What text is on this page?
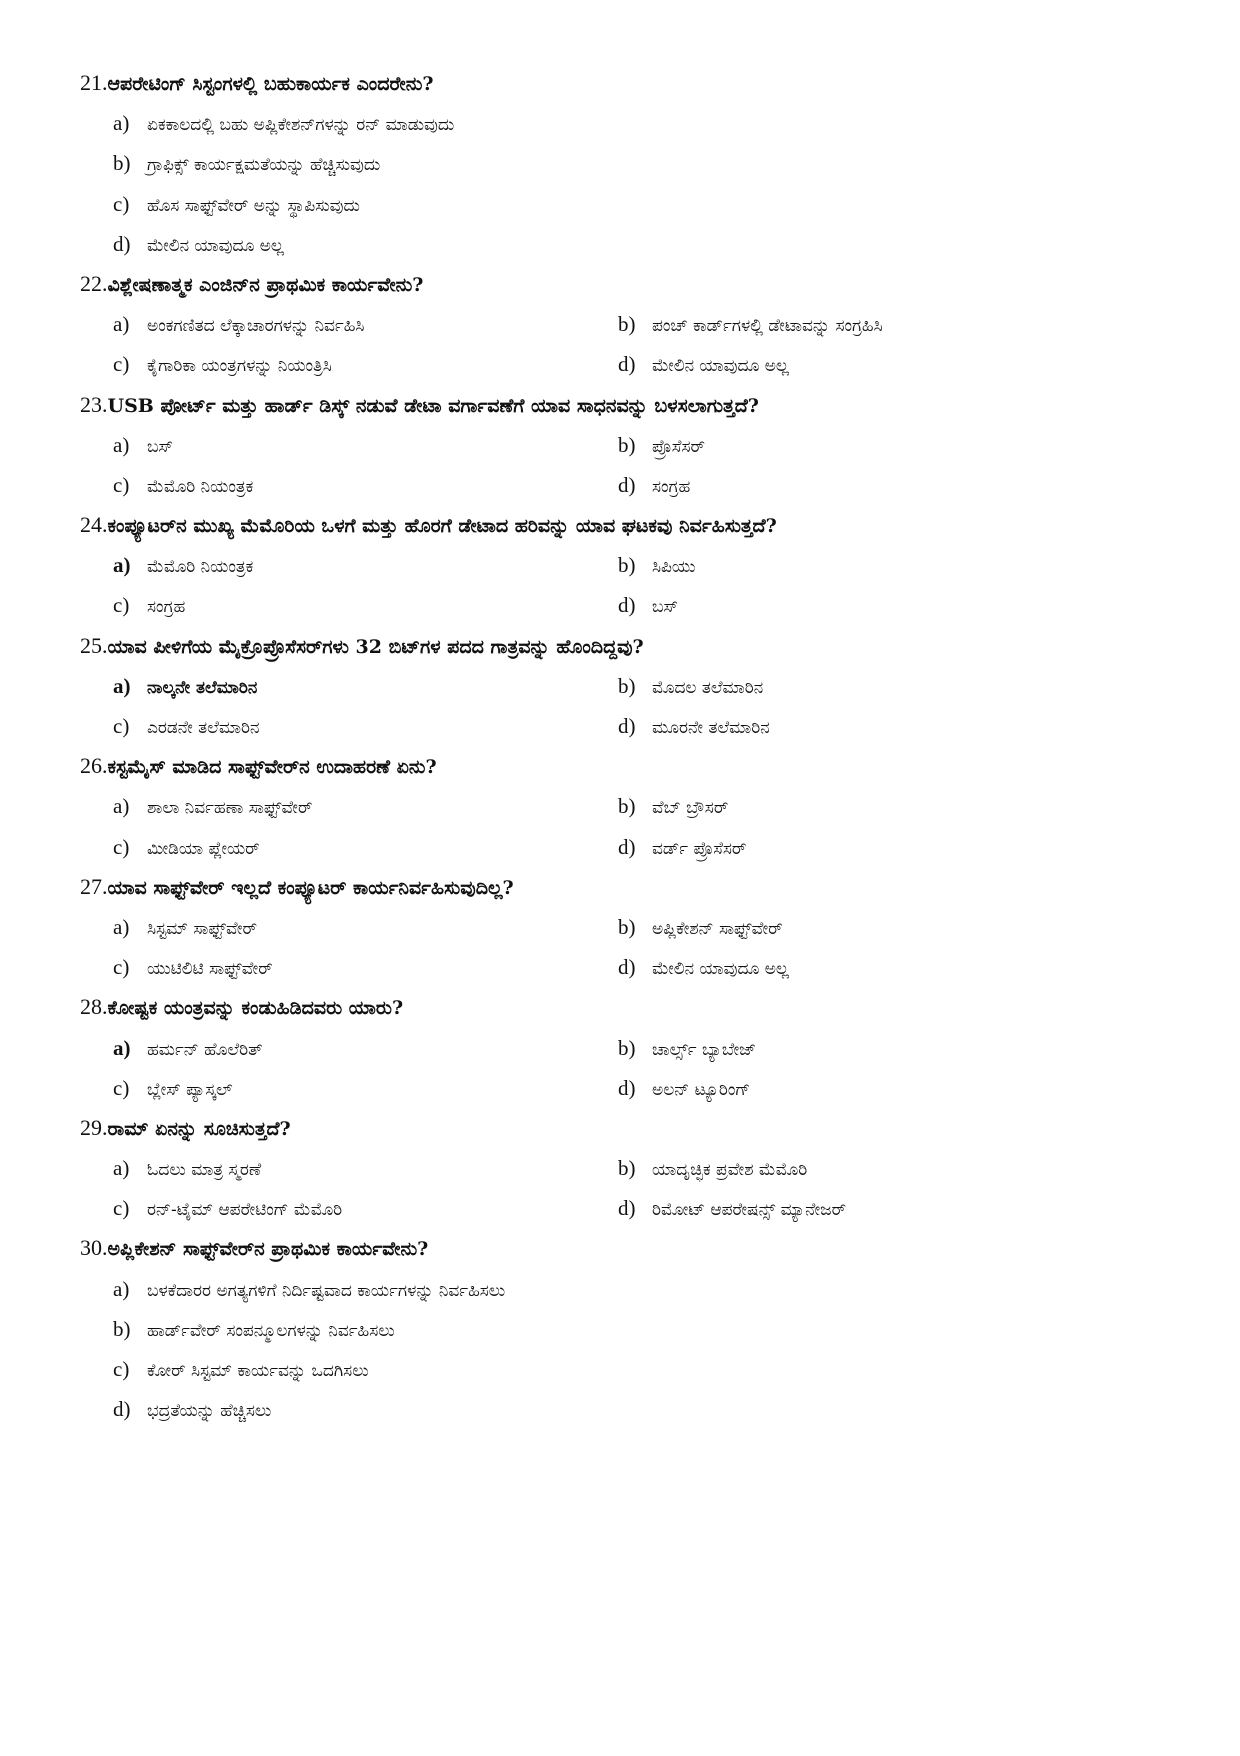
21.ಆಪರೇಟಿಂಗ್ ಸಿಸ್ಟಂಗಳಲ್ಲಿ ಬಹುಕಾರ್ಯಕ ಎಂದರೇನು?
a) ಏಕಕಾಲದಲ್ಲಿ ಬಹು ಅಪ್ಲಿಕೇಶನ್‌ಗಳನ್ನು ರನ್ ಮಾಡುವುದು
b) ಗ್ರಾಫಿಕ್ಸ್ ಕಾರ್ಯಕ್ಷಮತೆಯನ್ನು ಹೆಚ್ಚಿಸುವುದು
c) ಹೊಸ ಸಾಫ್ಟ್‌ವೇರ್ ಅನ್ನು ಸ್ಥಾಪಿಸುವುದು
d) ಮೇಲಿನ ಯಾವುದೂ ಅಲ್ಲ
22.ವಿಶ್ಲೇಷಣಾತ್ಮಕ ಎಂಜಿನ್‌ನ ಪ್ರಾಥಮಿಕ ಕಾರ್ಯವೇನು?
a) ಅಂಕಗಣಿತದ ಲೆಕ್ಕಾಚಾರಗಳನ್ನು ನಿರ್ವಹಿಸಿ	b) ಪಂಚ್ ಕಾರ್ಡ್‌ಗಳಲ್ಲಿ ಡೇಟಾವನ್ನು ಸಂಗ್ರಹಿಸಿ
c) ಕೈಗಾರಿಕಾ ಯಂತ್ರಗಳನ್ನು ನಿಯಂತ್ರಿಸಿ	d) ಮೇಲಿನ ಯಾವುದೂ ಅಲ್ಲ
23.USB ಪೋರ್ಟ್ ಮತ್ತು ಹಾರ್ಡ್ ಡಿಸ್ಕ್ ನಡುವೆ ಡೇಟಾ ವರ್ಗಾವಣೆಗೆ ಯಾವ ಸಾಧನವನ್ನು ಬಳಸಲಾಗುತ್ತದೆ?
a) ಬಸ್	b) ಪ್ರೊಸೆಸರ್
c) ಮೆಮೊರಿ ನಿಯಂತ್ರಕ	d) ಸಂಗ್ರಹ
24.ಕಂಪ್ಯೂಟರ್‌ನ ಮುಖ್ಯ ಮೆಮೊರಿಯ ಒಳಗೆ ಮತ್ತು ಹೊರಗೆ ಡೇಟಾದ ಹರಿವನ್ನು ಯಾವ ಘಟಕವು ನಿರ್ವಹಿಸುತ್ತದೆ?
a) ಮೆಮೊರಿ ನಿಯಂತ್ರಕ	b) ಸಿಪಿಯು
c) ಸಂಗ್ರಹ	d) ಬಸ್
25.ಯಾವ ಪೀಳಿಗೆಯ ಮೈಕ್ರೊಪ್ರೊಸೆಸರ್‌ಗಳು 32 ಬಿಟ್‌ಗಳ ಪದದ ಗಾತ್ರವನ್ನು ಹೊಂದಿದ್ದವು?
a) ನಾಲ್ಕನೇ ತಲೆಮಾರಿನ	b) ಮೊದಲ ತಲೆಮಾರಿನ
c) ಎರಡನೇ ತಲೆಮಾರಿನ	d) ಮೂರನೇ ತಲೆಮಾರಿನ
26.ಕಸ್ಟಮೈಸ್ ಮಾಡಿದ ಸಾಫ್ಟ್‌ವೇರ್‌ನ ಉದಾಹರಣೆ ಏನು?
a) ಶಾಲಾ ನಿರ್ವಹಣಾ ಸಾಫ್ಟ್‌ವೇರ್	b) ವೆಬ್ ಬ್ರೌಸರ್
c) ಮೀಡಿಯಾ ಪ್ಲೇಯರ್	d) ವರ್ಡ್ ಪ್ರೊಸೆಸರ್
27.ಯಾವ ಸಾಫ್ಟ್‌ವೇರ್ ಇಲ್ಲದೆ ಕಂಪ್ಯೂಟರ್ ಕಾರ್ಯನಿರ್ವಹಿಸುವುದಿಲ್ಲ?
a) ಸಿಸ್ಟಮ್ ಸಾಫ್ಟ್‌ವೇರ್	b) ಅಪ್ಲಿಕೇಶನ್ ಸಾಫ್ಟ್‌ವೇರ್
c) ಯುಟಿಲಿಟಿ ಸಾಫ್ಟ್‌ವೇರ್	d) ಮೇಲಿನ ಯಾವುದೂ ಅಲ್ಲ
28.ಕೋಷ್ಟಕ ಯಂತ್ರವನ್ನು ಕಂಡುಹಿಡಿದವರು ಯಾರು?
a) ಹರ್ಮನ್ ಹೊಲೆರಿತ್	b) ಚಾರ್ಲ್ಸ್ ಬ್ಯಾಬೇಜ್
c) ಬ್ಲೇಸ್ ಪ್ಯಾಸ್ಕಲ್	d) ಅಲನ್ ಟ್ಯೂರಿಂಗ್
29.ರಾಮ್ ಏನನ್ನು ಸೂಚಿಸುತ್ತದೆ?
a) ಓದಲು ಮಾತ್ರ ಸ್ಮರಣೆ	b) ಯಾದೃಚ್ಛಿಕ ಪ್ರವೇಶ ಮೆಮೊರಿ
c) ರನ್-ಟೈಮ್ ಆಪರೇಟಿಂಗ್ ಮೆಮೊರಿ	d) ರಿಮೋಟ್ ಆಪರೇಷನ್ಸ್ ಮ್ಯಾನೇಜರ್
30.ಅಪ್ಲಿಕೇಶನ್ ಸಾಫ್ಟ್‌ವೇರ್‌ನ ಪ್ರಾಥಮಿಕ ಕಾರ್ಯವೇನು?
a) ಬಳಕೆದಾರರ ಅಗತ್ಯಗಳಿಗೆ ನಿರ್ದಿಷ್ಟವಾದ ಕಾರ್ಯಗಳನ್ನು ನಿರ್ವಹಿಸಲು
b) ಹಾರ್ಡ್‌ವೇರ್ ಸಂಪನ್ಮೂಲಗಳನ್ನು ನಿರ್ವಹಿಸಲು
c) ಕೋರ್ ಸಿಸ್ಟಮ್ ಕಾರ್ಯವನ್ನು ಒದಗಿಸಲು
d) ಭದ್ರತೆಯನ್ನು ಹೆಚ್ಚಿಸಲು
